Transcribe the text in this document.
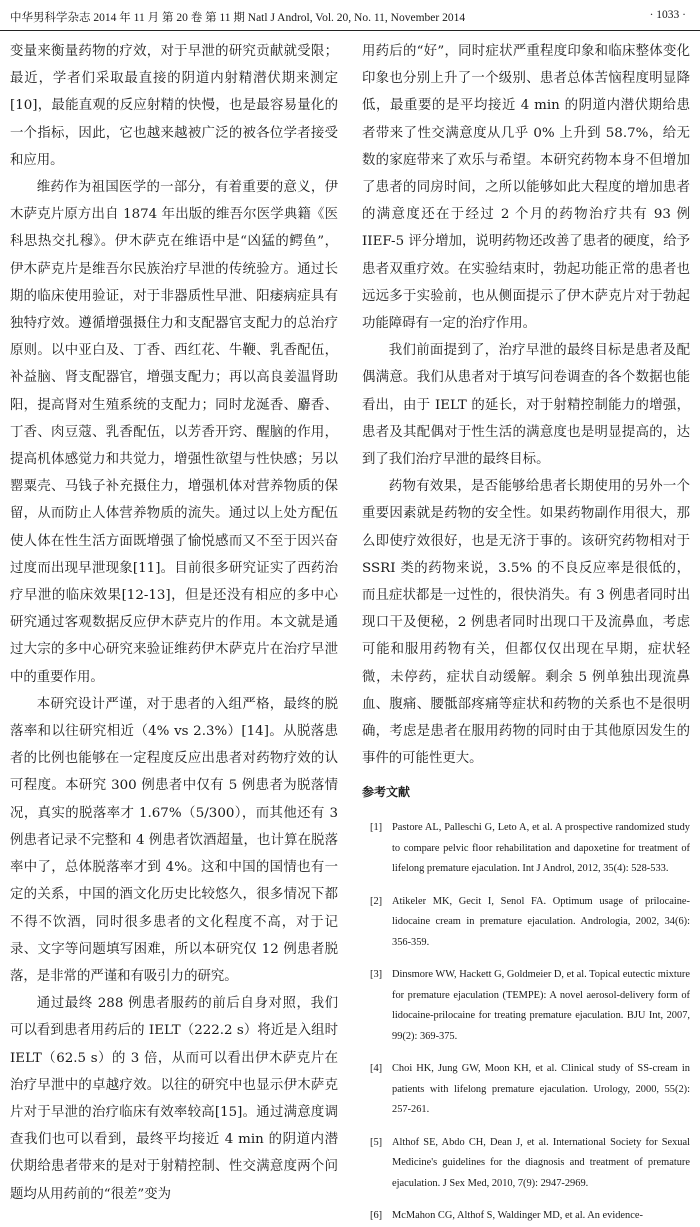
中华男科学杂志 2014 年 11 月 第 20 卷 第 11 期 Natl J Androl, Vol. 20, No. 11, November 2014	· 1033 ·

变量来衡量药物的疗效，对于早泄的研究贡献就受限；最近，学者们采取最直接的阴道内射精潜伏期来测定[10]，最能直观的反应射精的快慢，也是最容易量化的一个指标，因此，它也越来越被广泛的被各位学者接受和应用。

维药作为祖国医学的一部分，有着重要的意义，伊木萨克片原方出自 1874 年出版的维吾尔医学典籍《医科思热交扎穆》。伊木萨克在维语中是“凶猛的鳄鱼”，伊木萨克片是维吾尔民族治疗早泄的传统验方。通过长期的临床使用验证，对于非器质性早泄、阳痿病症具有独特疗效。遵循增强摄住力和支配器官支配力的总治疗原则。以中亚白及、丁香、西红花、牛鞭、乳香配伍，补益脑、肾支配器官，增强支配力；再以高良姜温肾助阳，提高肾对生殖系统的支配力；同时龙涎香、麝香、丁香、肉豆蔻、乳香配伍，以芳香开窍、醒脑的作用，提高机体感觉力和共觉力，增强性欲望与性快感；另以罂粟壳、马钱子补充摄住力，增强机体对营养物质的保留，从而防止人体营养物质的流失。通过以上处方配伍使人体在性生活方面既增强了愉悦感而又不至于因兴奋过度而出现早泄现象[11]。目前很多研究证实了西药治疗早泄的临床效果[12-13]，但是还没有相应的多中心研究通过客观数据反应伊木萨克片的作用。本文就是通过大宗的多中心研究来验证维药伊木萨克片在治疗早泄中的重要作用。

本研究设计严谨，对于患者的入组严格，最终的脱落率和以往研究相近（4% vs 2.3%）[14]。从脱落患者的比例也能够在一定程度反应出患者对药物疗效的认可程度。本研究 300 例患者中仅有 5 例患者为脱落情况，真实的脱落率才 1.67%（5/300），而其他还有 3 例患者记录不完整和 4 例患者饮酒超量，也计算在脱落率中了，总体脱落率才到 4%。这和中国的国情也有一定的关系，中国的酒文化历史比较悠久，很多情况下都不得不饮酒，同时很多患者的文化程度不高，对于记录、文字等问题填写困难，所以本研究仅 12 例患者脱落，是非常的严谨和有吸引力的研究。

通过最终 288 例患者服药的前后自身对照，我们可以看到患者用药后的 IELT（222.2 s）将近是入组时 IELT（62.5 s）的 3 倍，从而可以看出伊木萨克片在治疗早泄中的卓越疗效。以往的研究中也显示伊木萨克片对于早泄的治疗临床有效率较高[15]。通过满意度调查我们也可以看到，最终平均接近 4 min 的阴道内潜伏期给患者带来的是对于射精控制、性交满意度两个问题均从用药前的“很差”变为

用药后的“好”，同时症状严重程度印象和临床整体变化印象也分别上升了一个级别、患者总体苦恼程度明显降低，最重要的是平均接近 4 min 的阴道内潜伏期给患者带来了性交满意度从几乎 0% 上升到 58.7%，给无数的家庭带来了欢乐与希望。本研究药物本身不但增加了患者的同房时间，之所以能够如此大程度的增加患者的满意度还在于经过 2 个月的药物治疗共有 93 例 IIEF-5 评分增加，说明药物还改善了患者的硬度，给予患者双重疗效。在实验结束时，勃起功能正常的患者也远远多于实验前，也从侧面提示了伊木萨克片对于勃起功能障碍有一定的治疗作用。

我们前面提到了，治疗早泄的最终目标是患者及配偶满意。我们从患者对于填写问卷调查的各个数据也能看出，由于 IELT 的延长，对于射精控制能力的增强，患者及其配偶对于性生活的满意度也是明显提高的，达到了我们治疗早泄的最终目标。

药物有效果，是否能够给患者长期使用的另外一个重要因素就是药物的安全性。如果药物副作用很大，那么即使疗效很好，也是无济于事的。该研究药物相对于 SSRI 类的药物来说，3.5% 的不良反应率是很低的，而且症状都是一过性的，很快消失。有 3 例患者同时出现口干及便秘，2 例患者同时出现口干及流鼻血，考虑可能和服用药物有关，但都仅仅出现在早期，症状轻微，未停药，症状自动缓解。剩余 5 例单独出现流鼻血、腹痛、腰骶部疼痛等症状和药物的关系也不是很明确，考虑是患者在服用药物的同时由于其他原因发生的事件的可能性更大。

参考文献
[1] Pastore AL, Palleschi G, Leto A, et al. A prospective randomized study to compare pelvic floor rehabilitation and dapoxetine for treatment of lifelong premature ejaculation. Int J Androl, 2012, 35(4): 528-533.
[2] Atikeler MK, Gecit I, Senol FA. Optimum usage of prilocaine-lidocaine cream in premature ejaculation. Andrologia, 2002, 34(6): 356-359.
[3] Dinsmore WW, Hackett G, Goldmeier D, et al. Topical eutectic mixture for premature ejaculation (TEMPE): A novel aerosol-delivery form of lidocaine-prilocaine for treating premature ejaculation. BJU Int, 2007, 99(2): 369-375.
[4] Choi HK, Jung GW, Moon KH, et al. Clinical study of SS-cream in patients with lifelong premature ejaculation. Urology, 2000, 55(2): 257-261.
[5] Althof SE, Abdo CH, Dean J, et al. International Society for Sexual Medicine's guidelines for the diagnosis and treatment of premature ejaculation. J Sex Med, 2010, 7(9): 2947-2969.
[6] McMahon CG, Althof S, Waldinger MD, et al. An evidence-
